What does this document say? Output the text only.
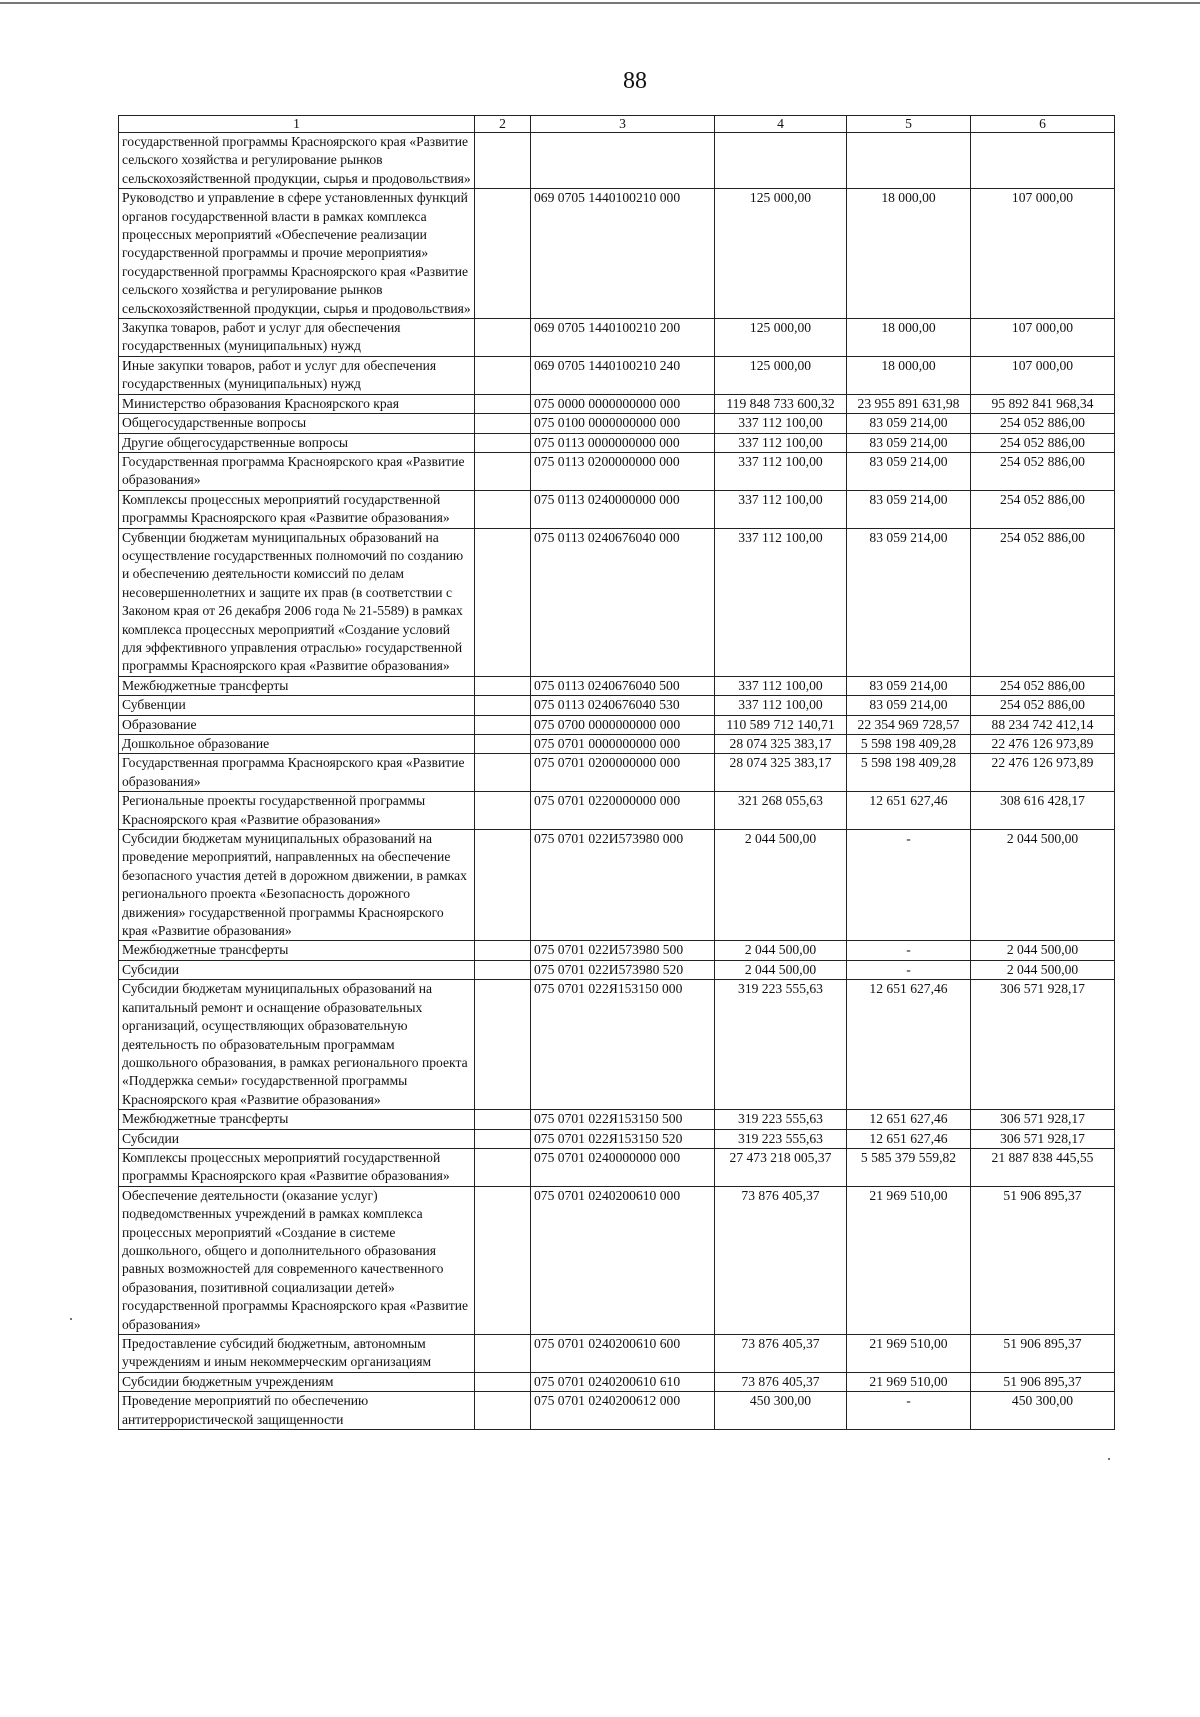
88
1	2	3	4	5	6
государственной программы Красноярского края «Развитие сельского хозяйства и регулирование рынков сельскохозяйственной продукции, сырья и продовольствия»					
Руководство и управление в сфере установленных функций органов государственной власти в рамках комплекса процессных мероприятий «Обеспечение реализации государственной программы и прочие мероприятия» государственной программы Красноярского края «Развитие сельского хозяйства и регулирование рынков сельскохозяйственной продукции, сырья и продовольствия»		069 0705 1440100210 000	125 000,00	18 000,00	107 000,00
Закупка товаров, работ и услуг для обеспечения государственных (муниципальных) нужд		069 0705 1440100210 200	125 000,00	18 000,00	107 000,00
Иные закупки товаров, работ и услуг для обеспечения государственных (муниципальных) нужд		069 0705 1440100210 240	125 000,00	18 000,00	107 000,00
Министерство образования Красноярского края		075 0000 0000000000 000	119 848 733 600,32	23 955 891 631,98	95 892 841 968,34
Общегосударственные вопросы		075 0100 0000000000 000	337 112 100,00	83 059 214,00	254 052 886,00
Другие общегосударственные вопросы		075 0113 0000000000 000	337 112 100,00	83 059 214,00	254 052 886,00
Государственная программа Красноярского края «Развитие образования»		075 0113 0200000000 000	337 112 100,00	83 059 214,00	254 052 886,00
Комплексы процессных мероприятий государственной программы Красноярского края «Развитие образования»		075 0113 0240000000 000	337 112 100,00	83 059 214,00	254 052 886,00
Субвенции бюджетам муниципальных образований на осуществление государственных полномочий по созданию и обеспечению деятельности комиссий по делам несовершеннолетних и защите их прав (в соответствии с Законом края от 26 декабря 2006 года № 21-5589) в рамках комплекса процессных мероприятий «Создание условий для эффективного управления отраслью» государственной программы Красноярского края «Развитие образования»		075 0113 0240676040 000	337 112 100,00	83 059 214,00	254 052 886,00
Межбюджетные трансферты		075 0113 0240676040 500	337 112 100,00	83 059 214,00	254 052 886,00
Субвенции		075 0113 0240676040 530	337 112 100,00	83 059 214,00	254 052 886,00
Образование		075 0700 0000000000 000	110 589 712 140,71	22 354 969 728,57	88 234 742 412,14
Дошкольное образование		075 0701 0000000000 000	28 074 325 383,17	5 598 198 409,28	22 476 126 973,89
Государственная программа Красноярского края «Развитие образования»		075 0701 0200000000 000	28 074 325 383,17	5 598 198 409,28	22 476 126 973,89
Региональные проекты государственной программы Красноярского края «Развитие образования»		075 0701 0220000000 000	321 268 055,63	12 651 627,46	308 616 428,17
Субсидии бюджетам муниципальных образований на проведение мероприятий, направленных на обеспечение безопасного участия детей в дорожном движении, в рамках регионального проекта «Безопасность дорожного движения» государственной программы Красноярского края «Развитие образования»		075 0701 022И573980 000	2 044 500,00	-	2 044 500,00
Межбюджетные трансферты		075 0701 022И573980 500	2 044 500,00	-	2 044 500,00
Субсидии		075 0701 022И573980 520	2 044 500,00	-	2 044 500,00
Субсидии бюджетам муниципальных образований на капитальный ремонт и оснащение образовательных организаций, осуществляющих образовательную деятельность по образовательным программам дошкольного образования, в рамках регионального проекта «Поддержка семьи» государственной программы Красноярского края «Развитие образования»		075 0701 022Я153150 000	319 223 555,63	12 651 627,46	306 571 928,17
Межбюджетные трансферты		075 0701 022Я153150 500	319 223 555,63	12 651 627,46	306 571 928,17
Субсидии		075 0701 022Я153150 520	319 223 555,63	12 651 627,46	306 571 928,17
Комплексы процессных мероприятий государственной программы Красноярского края «Развитие образования»		075 0701 0240000000 000	27 473 218 005,37	5 585 379 559,82	21 887 838 445,55
Обеспечение деятельности (оказание услуг) подведомственных учреждений в рамках комплекса процессных мероприятий «Создание в системе дошкольного, общего и дополнительного образования равных возможностей для современного качественного образования, позитивной социализации детей» государственной программы Красноярского края «Развитие образования»		075 0701 0240200610 000	73 876 405,37	21 969 510,00	51 906 895,37
Предоставление субсидий бюджетным, автономным учреждениям и иным некоммерческим организациям		075 0701 0240200610 600	73 876 405,37	21 969 510,00	51 906 895,37
Субсидии бюджетным учреждениям		075 0701 0240200610 610	73 876 405,37	21 969 510,00	51 906 895,37
Проведение мероприятий по обеспечению антитеррористической защищенности		075 0701 0240200612 000	450 300,00	-	450 300,00
